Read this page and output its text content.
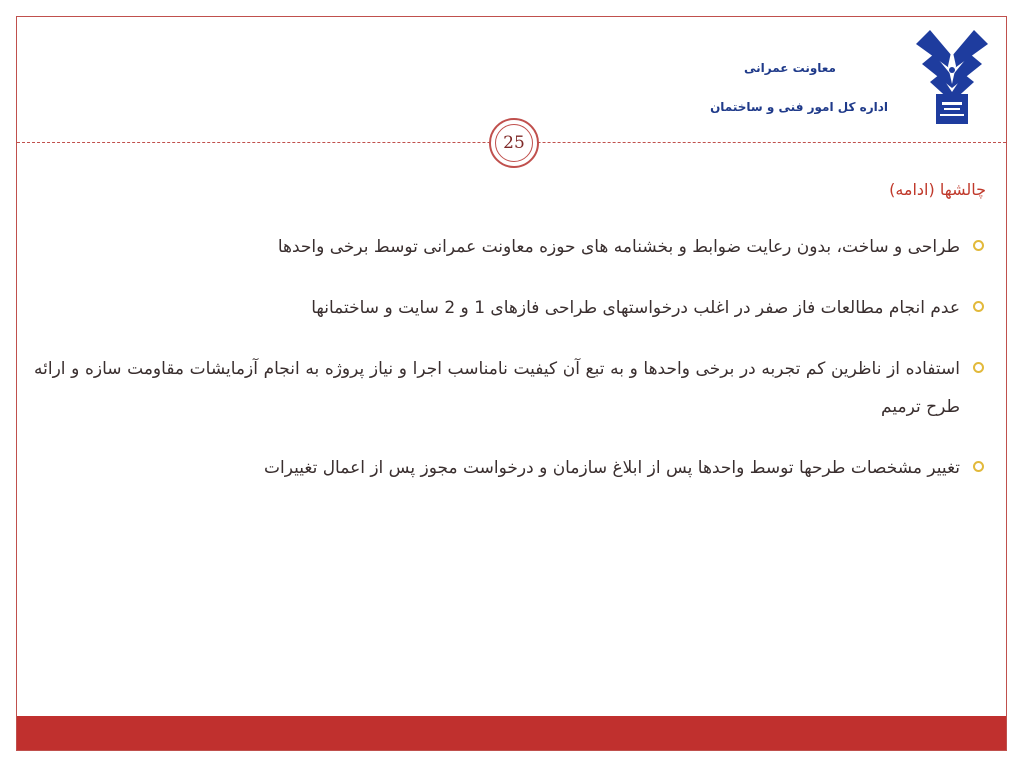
معاونت عمرانی
اداره کل امور فنی و ساختمان
25
چالشها (ادامه)
طراحی و ساخت، بدون رعایت ضوابط و بخشنامه های حوزه معاونت عمرانی توسط برخی واحدها
عدم انجام مطالعات فاز صفر در اغلب درخواستهای طراحی فازهای 1 و 2 سایت و ساختمانها
استفاده از ناظرین کم تجربه در برخی واحدها و به تبع آن کیفیت نامناسب اجرا و نیاز پروژه به انجام آزمایشات مقاومت سازه و ارائه طرح ترمیم
تغییر مشخصات طرحها توسط واحدها پس از ابلاغ سازمان و درخواست مجوز پس از اعمال تغییرات
